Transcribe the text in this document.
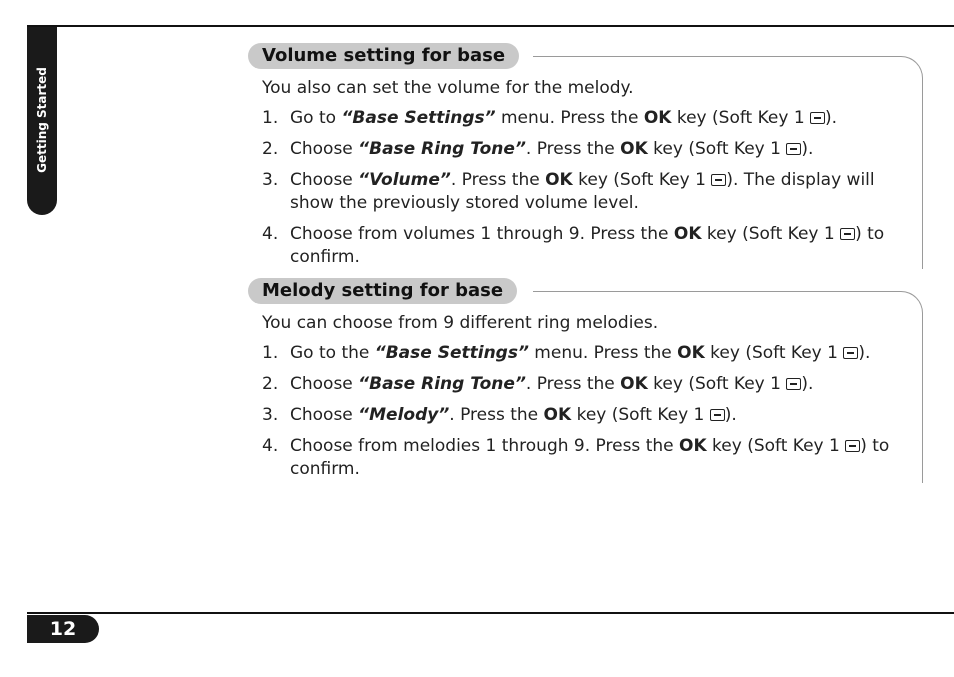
Getting Started
Volume setting for base
You also can set the volume for the melody.
1. Go to “Base Settings” menu. Press the OK key (Soft Key 1 ).
2. Choose “Base Ring Tone”. Press the OK key (Soft Key 1 ).
3. Choose “Volume”. Press the OK key (Soft Key 1 ). The display will show the previously stored volume level.
4. Choose from volumes 1 through 9. Press the OK key (Soft Key 1 ) to confirm.
Melody setting for base
You can choose from 9 different ring melodies.
1. Go to the “Base Settings” menu. Press the OK key (Soft Key 1 ).
2. Choose “Base Ring Tone”. Press the OK key (Soft Key 1 ).
3. Choose “Melody”. Press the OK key (Soft Key 1 ).
4. Choose from melodies 1 through 9. Press the OK key (Soft Key 1 ) to confirm.
12
